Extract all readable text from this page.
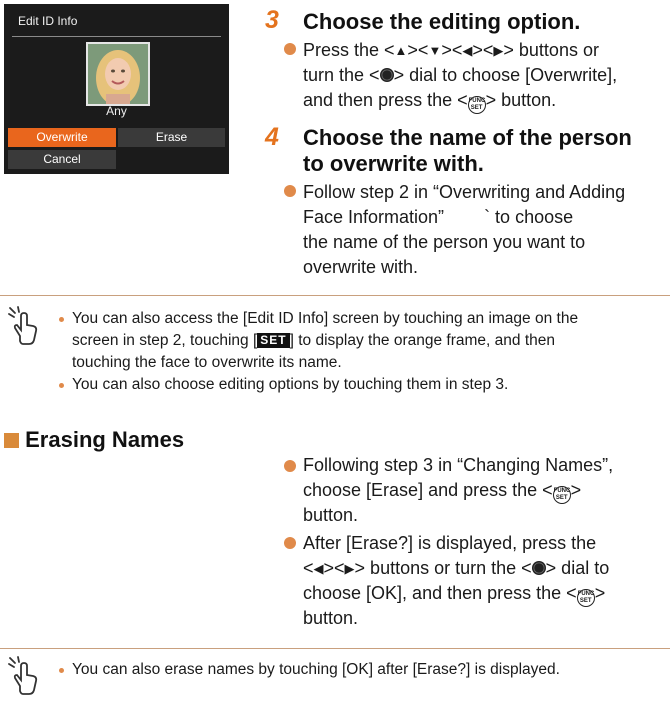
Edit ID Info
Any
Overwrite	Erase
Cancel
3 Choose the editing option.
Press the <▲><▼><◀><▶> buttons or
turn the < > dial to choose [Overwrite],
and then press the <FUNC
SET > button.
4 Choose the name of the person
to overwrite with.
Follow step 2 in “Overwriting and Adding
Face Information”        ` to choose
the name of the person you want to
overwrite with.
You can also access the [Edit ID Info] screen by touching an image on the
screen in step 2, touching [ SET ] to display the orange frame, and then
touching the face to overwrite its name.
You can also choose editing options by touching them in step 3.
Erasing Names
Following step 3 in “Changing Names”,
choose [Erase] and press the <FUNC
SET >
button.
After [Erase?] is displayed, press the
<◀><▶> buttons or turn the < > dial to
choose [OK], and then press the <FUNC
SET >
button.
You can also erase names by touching [OK] after [Erase?] is displayed.
